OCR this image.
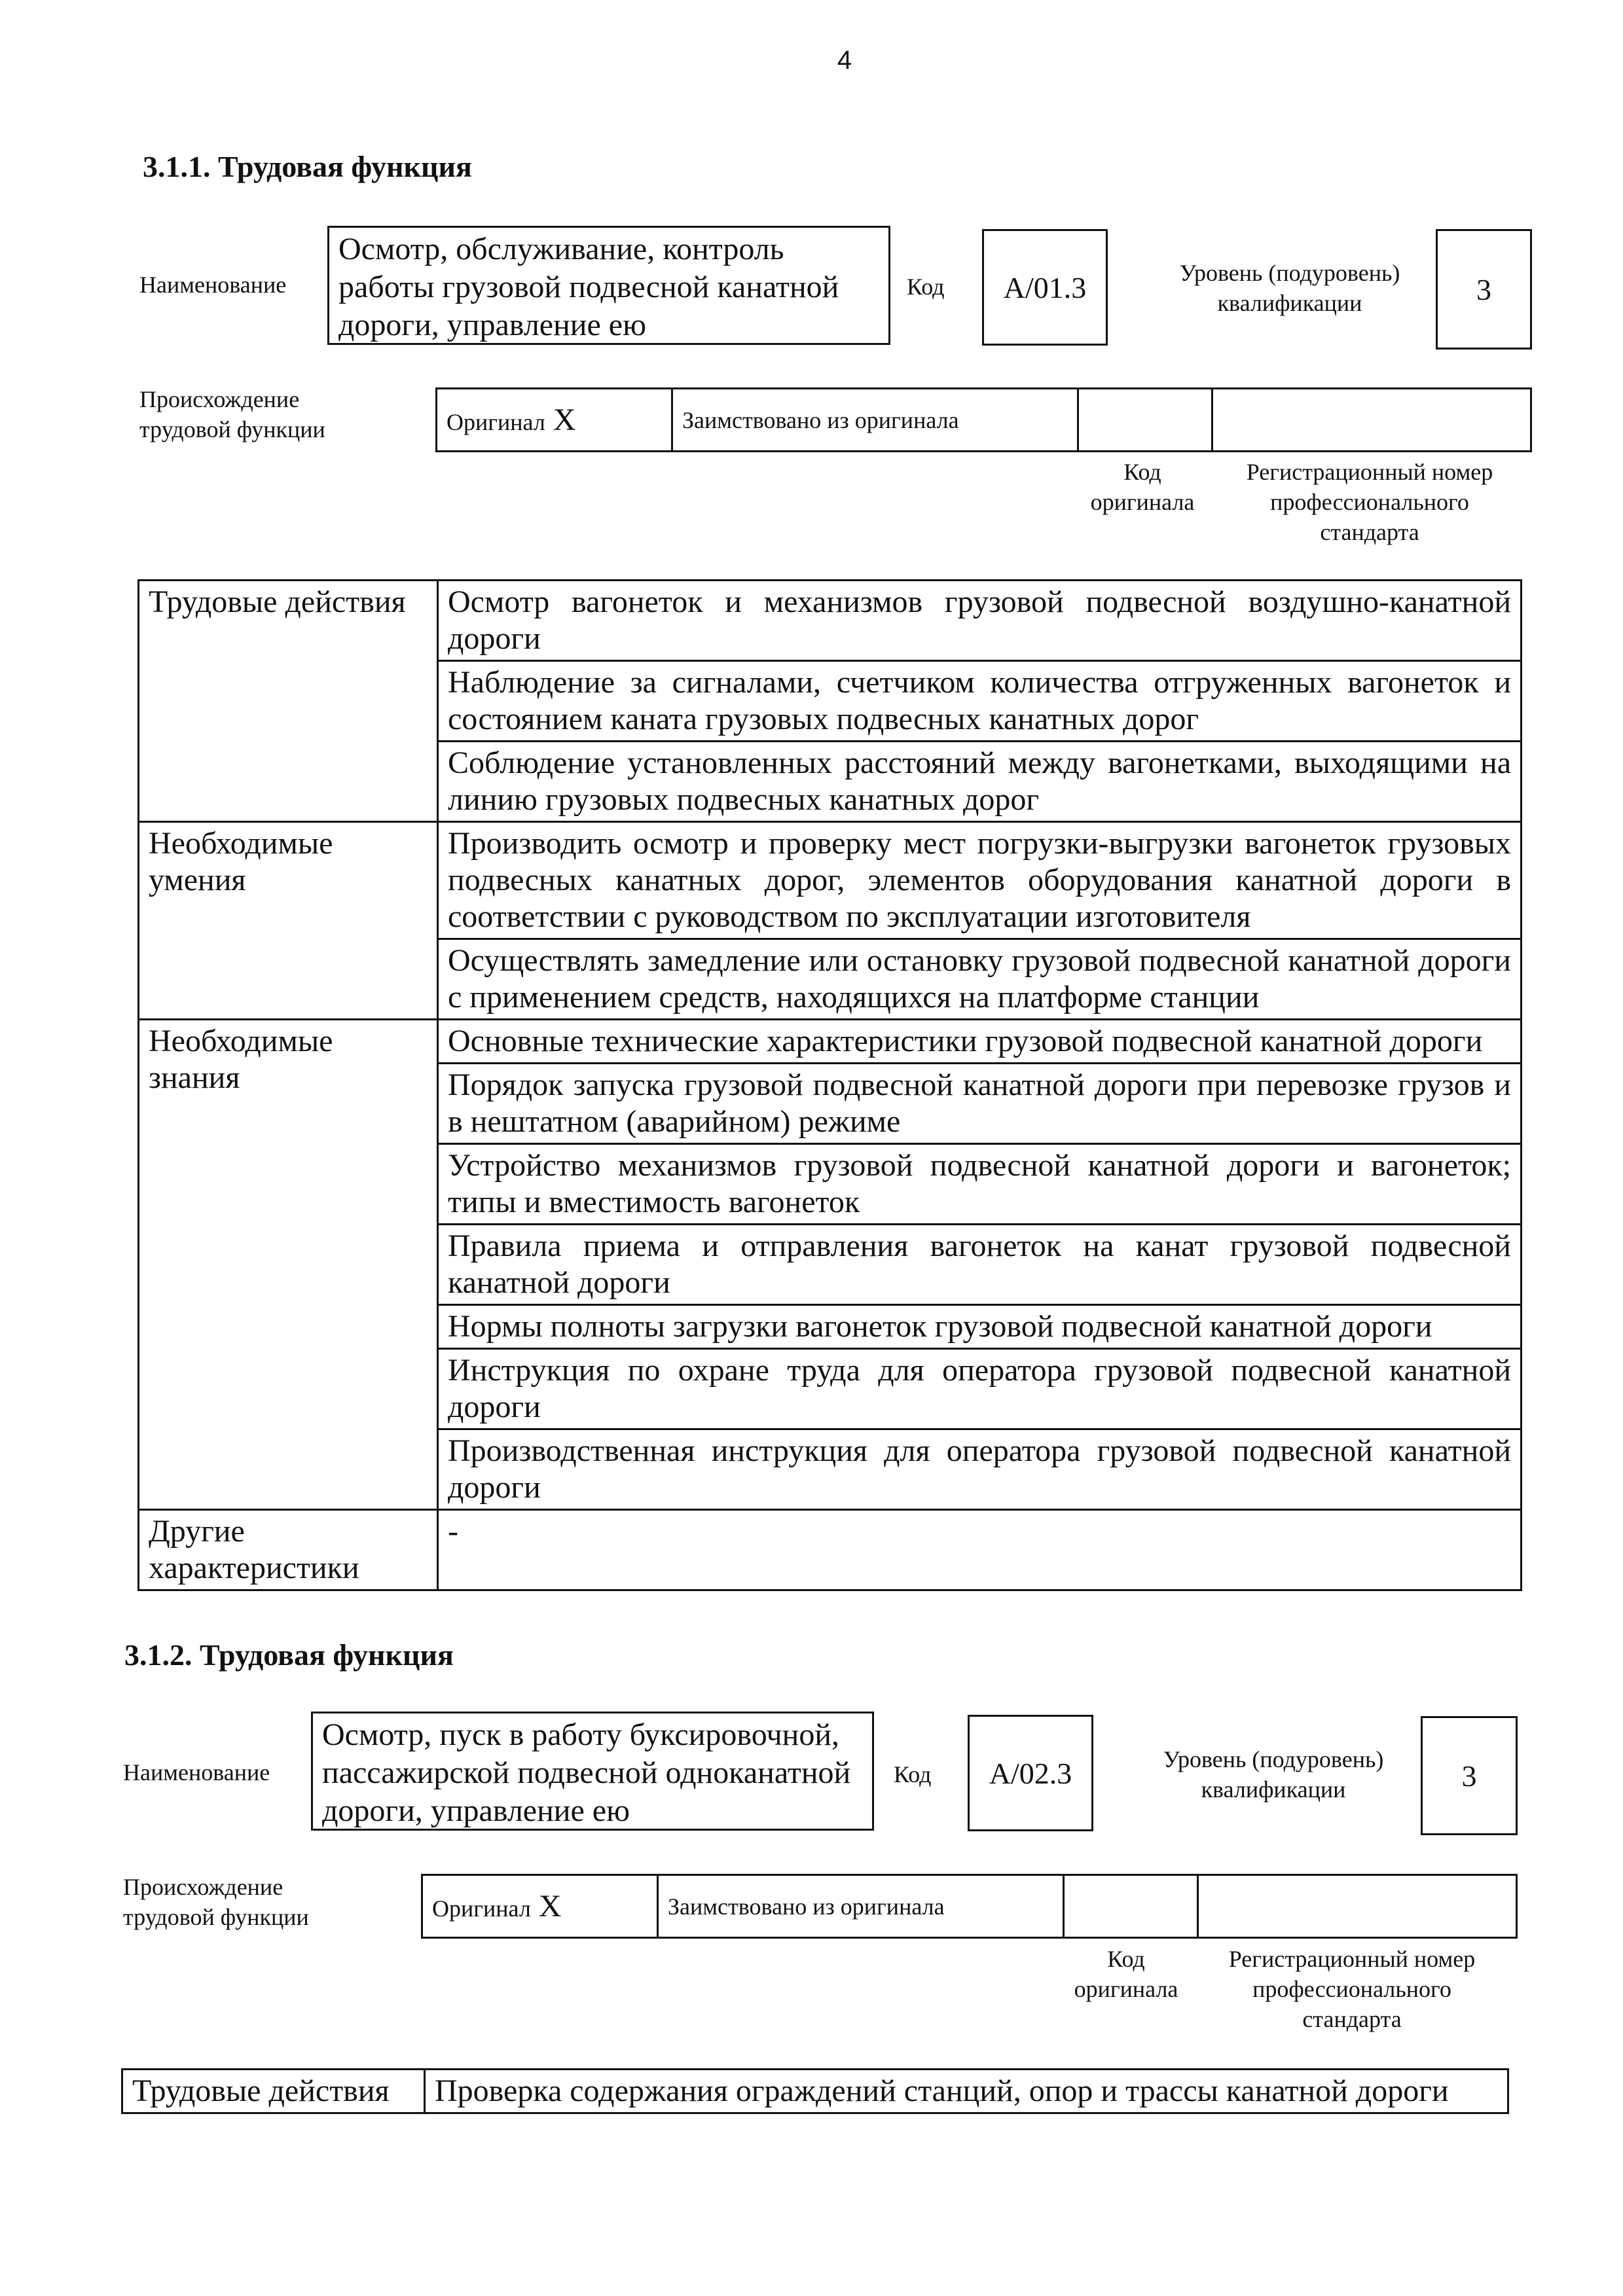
4
3.1.1. Трудовая функция
Наименование
Осмотр, обслуживание, контроль работы грузовой подвесной канатной дороги, управление ею
Код A/01.3	Уровень (подуровень) квалификации	3
Происхождение трудовой функции	Оригинал X	Заимствовано из оригинала		
Код оригинала
Регистрационный номер профессионального стандарта
Трудовые действия	Осмотр вагонеток и механизмов грузовой подвесной воздушно-канатной дороги
	Наблюдение за сигналами, счетчиком количества отгруженных вагонеток и состоянием каната грузовых подвесных канатных дорог
	Соблюдение установленных расстояний между вагонетками, выходящими на линию грузовых подвесных канатных дорог
Необходимые умения	Производить осмотр и проверку мест погрузки-выгрузки вагонеток грузовых подвесных канатных дорог, элементов оборудования канатной дороги в соответствии с руководством по эксплуатации изготовителя
	Осуществлять замедление или остановку грузовой подвесной канатной дороги с применением средств, находящихся на платформе станции
Необходимые знания	Основные технические характеристики грузовой подвесной канатной дороги
	Порядок запуска грузовой подвесной канатной дороги при перевозке грузов и в нештатном (аварийном) режиме
	Устройство механизмов грузовой подвесной канатной дороги и вагонеток; типы и вместимость вагонеток
	Правила приема и отправления вагонеток на канат грузовой подвесной канатной дороги
	Нормы полноты загрузки вагонеток грузовой подвесной канатной дороги
	Инструкция по охране труда для оператора грузовой подвесной канатной дороги
	Производственная инструкция для оператора грузовой подвесной канатной дороги
Другие характеристики	-
3.1.2. Трудовая функция
Наименование
Осмотр, пуск в работу буксировочной, пассажирской подвесной одноканатной дороги, управление ею
Код A/02.3	Уровень (подуровень) квалификации	3
Происхождение трудовой функции	Оригинал X	Заимствовано из оригинала		
Код оригинала
Регистрационный номер профессионального стандарта
Трудовые действия	Проверка содержания ограждений станций, опор и трассы канатной дороги
